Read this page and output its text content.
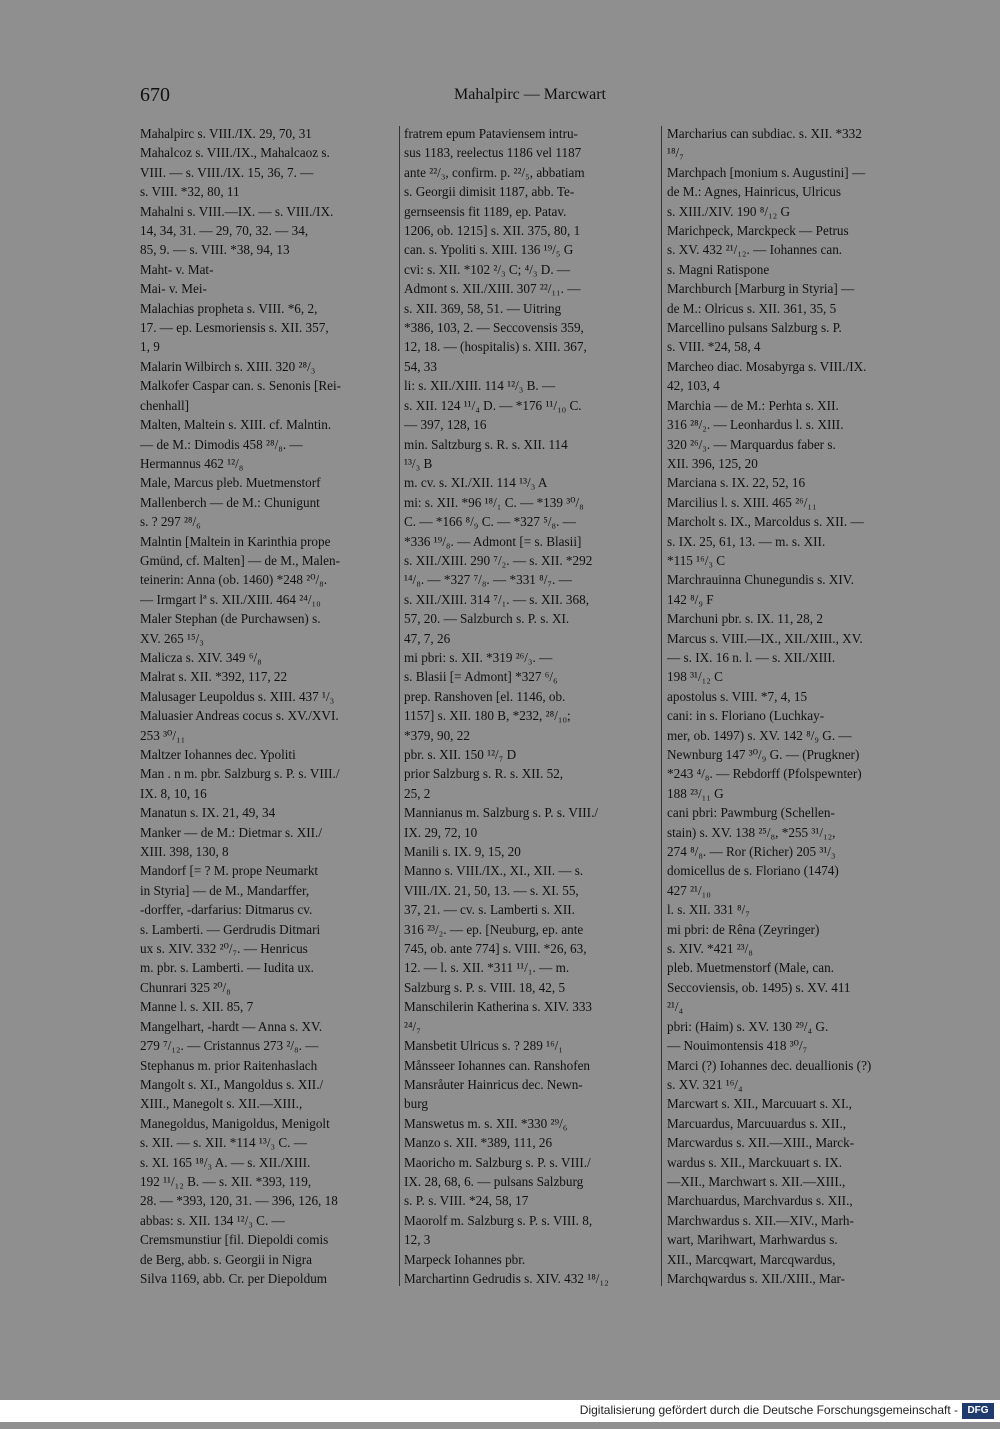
670	Mahalpirc — Marcwart
Mahalpirc s. VIII./IX. 29, 70, 31
Mahalcoz s. VIII./IX., Mahalcaoz s.
VIII. — s. VIII./IX. 15, 36, 7. —
s. VIII. *32, 80, 11
Mahalni s. VIII.—IX. — s. VIII./IX.
14, 34, 31. — 29, 70, 32. — 34,
85, 9. — s. VIII. *38, 94, 13
Maht- v. Mat-
Mai- v. Mei-
Malachias propheta s. VIII. *6, 2,
17. — ep. Lesmoriensis s. XII. 357,
1, 9
Malarin Wilbirch s. XIII. 320 ²⁸/₃
Malkofer Caspar can. s. Senonis [Rei-
chenhall]
Malten, Maltein s. XIII. cf. Malntin.
— de M.: Dimodis 458 ²⁸/₈. —
Hermannus 462 ¹²/₈
Male, Marcus pleb. Muetmenstorf
Mallenberch — de M.: Chunigunt
s. ? 297 ²⁸/₆
Malntin [Maltein in Karinthia prope
Gmünd, cf. Malten] — de M., Malen-
teinerin: Anna (ob. 1460) *248 ²⁰/₈.
— Irmgart lª s. XII./XIII. 464 ²⁴/₁₀
Maler Stephan (de Purchawsen) s.
XV. 265 ¹⁵/₃
Malicza s. XIV. 349 ⁶/₈
Malrat s. XII. *392, 117, 22
Malusager Leupoldus s. XIII. 437 ¹/₃
Maluasier Andreas cocus s. XV./XVI.
253 ³⁰/₁₁
Maltzer Iohannes dec. Ypoliti
Man . n m. pbr. Salzburg s. P. s. VIII./
IX. 8, 10, 16
Manatun s. IX. 21, 49, 34
Manker — de M.: Dietmar s. XII./
XIII. 398, 130, 8
Mandorf [= ? M. prope Neumarkt
in Styria] — de M., Mandarffer,
-dorffer, -darfarius: Ditmarus cv.
s. Lamberti. — Gerdrudis Ditmari
ux s. XIV. 332 ²⁰/₇. — Henricus
m. pbr. s. Lamberti. — Iudita ux.
Chunrari 325 ²⁰/₈
Manne l. s. XII. 85, 7
Mangelhart, -hardt — Anna s. XV.
279 ⁷/₁₂. — Cristannus 273 ²/₈. —
Stephanus m. prior Raitenhaslach
Mangolt s. XI., Mangoldus s. XII./
XIII., Manegolt s. XII.—XIII.,
Manegoldus, Manigoldus, Menigolt
s. XII. — s. XII. *114 ¹³/₃ C. —
s. XI. 165 ¹⁸/₃ A. — s. XII./XIII.
192 ¹¹/₁₂ B. — s. XII. *393, 119,
28. — *393, 120, 31. — 396, 126, 18
abbas: s. XII. 134 ¹²/₃ C. —
Cremsmunstiur [fil. Diepoldi comis
de Berg, abb. s. Georgii in Nigra
Silva 1169, abb. Cr. per Diepoldum
fratrem epum Pataviensem intru-
sus 1183, reelectus 1186 vel 1187
ante ²²/₃, confirm. p. ²²/₅, abbatiam
s. Georgii dimisit 1187, abb. Te-
gernseensis fit 1189, ep. Patav.
1206, ob. 1215] s. XII. 375, 80, 1
can. s. Ypoliti s. XIII. 136 ¹⁹/₅ G
cvi: s. XII. *102 ²/₃ C; ⁴/₃ D. —
Admont s. XII./XIII. 307 ²²/₁₁. —
s. XII. 369, 58, 51. — Uitring
*386, 103, 2. — Seccovensis 359,
12, 18. — (hospitalis) s. XIII. 367,
54, 33
li: s. XII./XIII. 114 ¹²/₃ B. —
s. XII. 124 ¹¹/₄ D. — *176 ¹¹/₁₀ C.
— 397, 128, 16
min. Saltzburg s. R. s. XII. 114
¹³/₃ B
m. cv. s. XI./XII. 114 ¹³/₃ A
mi: s. XII. *96 ¹⁸/₁ C. — *139 ³⁰/₈
C. — *166 ⁸/₉ C. — *327 ⁵/₈. —
*336 ¹⁹/₈. — Admont [= s. Blasii]
s. XII./XIII. 290 ⁷/₂. — s. XII. *292
¹⁴/₈. — *327 ⁷/₈. — *331 ⁸/₇. —
s. XII./XIII. 314 ⁷/₁. — s. XII. 368,
57, 20. — Salzburch s. P. s. XI.
47, 7, 26
mi pbri: s. XII. *319 ²⁶/₃. —
s. Blasii [= Admont] *327 ⁶/₆
prep. Ranshoven [el. 1146, ob.
1157] s. XII. 180 B, *232, ²⁸/₁₀;
*379, 90, 22
pbr. s. XII. 150 ¹²/₇ D
prior Salzburg s. R. s. XII. 52,
25, 2
Mannianus m. Salzburg s. P. s. VIII./
IX. 29, 72, 10
Manili s. IX. 9, 15, 20
Manno s. VIII./IX., XI., XII. — s.
VIII./IX. 21, 50, 13. — s. XI. 55,
37, 21. — cv. s. Lamberti s. XII.
316 ²³/₂. — ep. [Neuburg, ep. ante
745, ob. ante 774] s. VIII. *26, 63,
12. — l. s. XII. *311 ¹¹/₁. — m.
Salzburg s. P. s. VIII. 18, 42, 5
Manschilerin Katherina s. XIV. 333
²⁴/₇
Mansbetit Ulricus s. ? 289 ¹⁶/₁
Månsseer Iohannes can. Ranshofen
Mansråuter Hainricus dec. Newn-
burg
Manswetus m. s. XII. *330 ²⁹/₆
Manzo s. XII. *389, 111, 26
Maoricho m. Salzburg s. P. s. VIII./
IX. 28, 68, 6. — pulsans Salzburg
s. P. s. VIII. *24, 58, 17
Maorolf m. Salzburg s. P. s. VIII. 8,
12, 3
Marpeck Iohannes pbr.
Marchartinn Gedrudis s. XIV. 432 ¹⁸/₁₂
Marcharius can subdiac. s. XII. *332
¹⁸/₇
Marchpach [monium s. Augustini] —
de M.: Agnes, Hainricus, Ulricus
s. XIII./XIV. 190 ⁸/₁₂ G
Marichpeck, Marckpeck — Petrus
s. XV. 432 ²¹/₁₂. — Iohannes can.
s. Magni Ratispone
Marchburch [Marburg in Styria] —
de M.: Olricus s. XII. 361, 35, 5
Marcellino pulsans Salzburg s. P.
s. VIII. *24, 58, 4
Marcheo diac. Mosabyrga s. VIII./IX.
42, 103, 4
Marchia — de M.: Perhta s. XII.
316 ²⁸/₂. — Leonhardus l. s. XIII.
320 ²⁶/₃. — Marquardus faber s.
XII. 396, 125, 20
Marciana s. IX. 22, 52, 16
Marcilius l. s. XIII. 465 ²⁶/₁₁
Marcholt s. IX., Marcoldus s. XII. —
s. IX. 25, 61, 13. — m. s. XII.
*115 ¹⁶/₃ C
Marchrauinna Chunegundis s. XIV.
142 ⁸/₉ F
Marchuni pbr. s. IX. 11, 28, 2
Marcus s. VIII.—IX., XII./XIII., XV.
— s. IX. 16 n. l. — s. XII./XIII.
198 ³¹/₁₂ C
apostolus s. VIII. *7, 4, 15
cani: in s. Floriano (Luchkay-
mer, ob. 1497) s. XV. 142 ⁸/₉ G. —
Newnburg 147 ³⁰/₉ G. — (Prugkner)
*243 ⁴/₈. — Rebdorff (Pfolspewnter)
188 ²³/₁₁ G
cani pbri: Pawmburg (Schellen-
stain) s. XV. 138 ²⁵/₈, *255 ³¹/₁₂,
274 ⁸/₈. — Ror (Richer) 205 ³¹/₃
domicellus de s. Floriano (1474)
427 ²¹/₁₀
l. s. XII. 331 ⁸/₇
mi pbri: de Rêna (Zeyringer)
s. XIV. *421 ²³/₈
pleb. Muetmenstorf (Male, can.
Seccoviensis, ob. 1495) s. XV. 411
²¹/₄
pbri: (Haim) s. XV. 130 ²⁹/₄ G.
— Nouimontensis 418 ³⁰/₇
Marci (?) Iohannes dec. deuallionis (?)
s. XV. 321 ¹⁶/₄
Marcwart s. XII., Marcuuart s. XI.,
Marcuardus, Marcuuardus s. XII.,
Marcwardus s. XII.—XIII., Marck-
wardus s. XII., Marckuuart s. IX.
—XII., Marchwart s. XII.—XIII.,
Marchuardus, Marchvardus s. XII.,
Marchwardus s. XII.—XIV., Marh-
wart, Marihwart, Marhwardus s.
XII., Marcqwart, Marcqwardus,
Marchqwardus s. XII./XIII., Mar-
Digitalisierung gefördert durch die Deutsche Forschungsgemeinschaft - DFG
